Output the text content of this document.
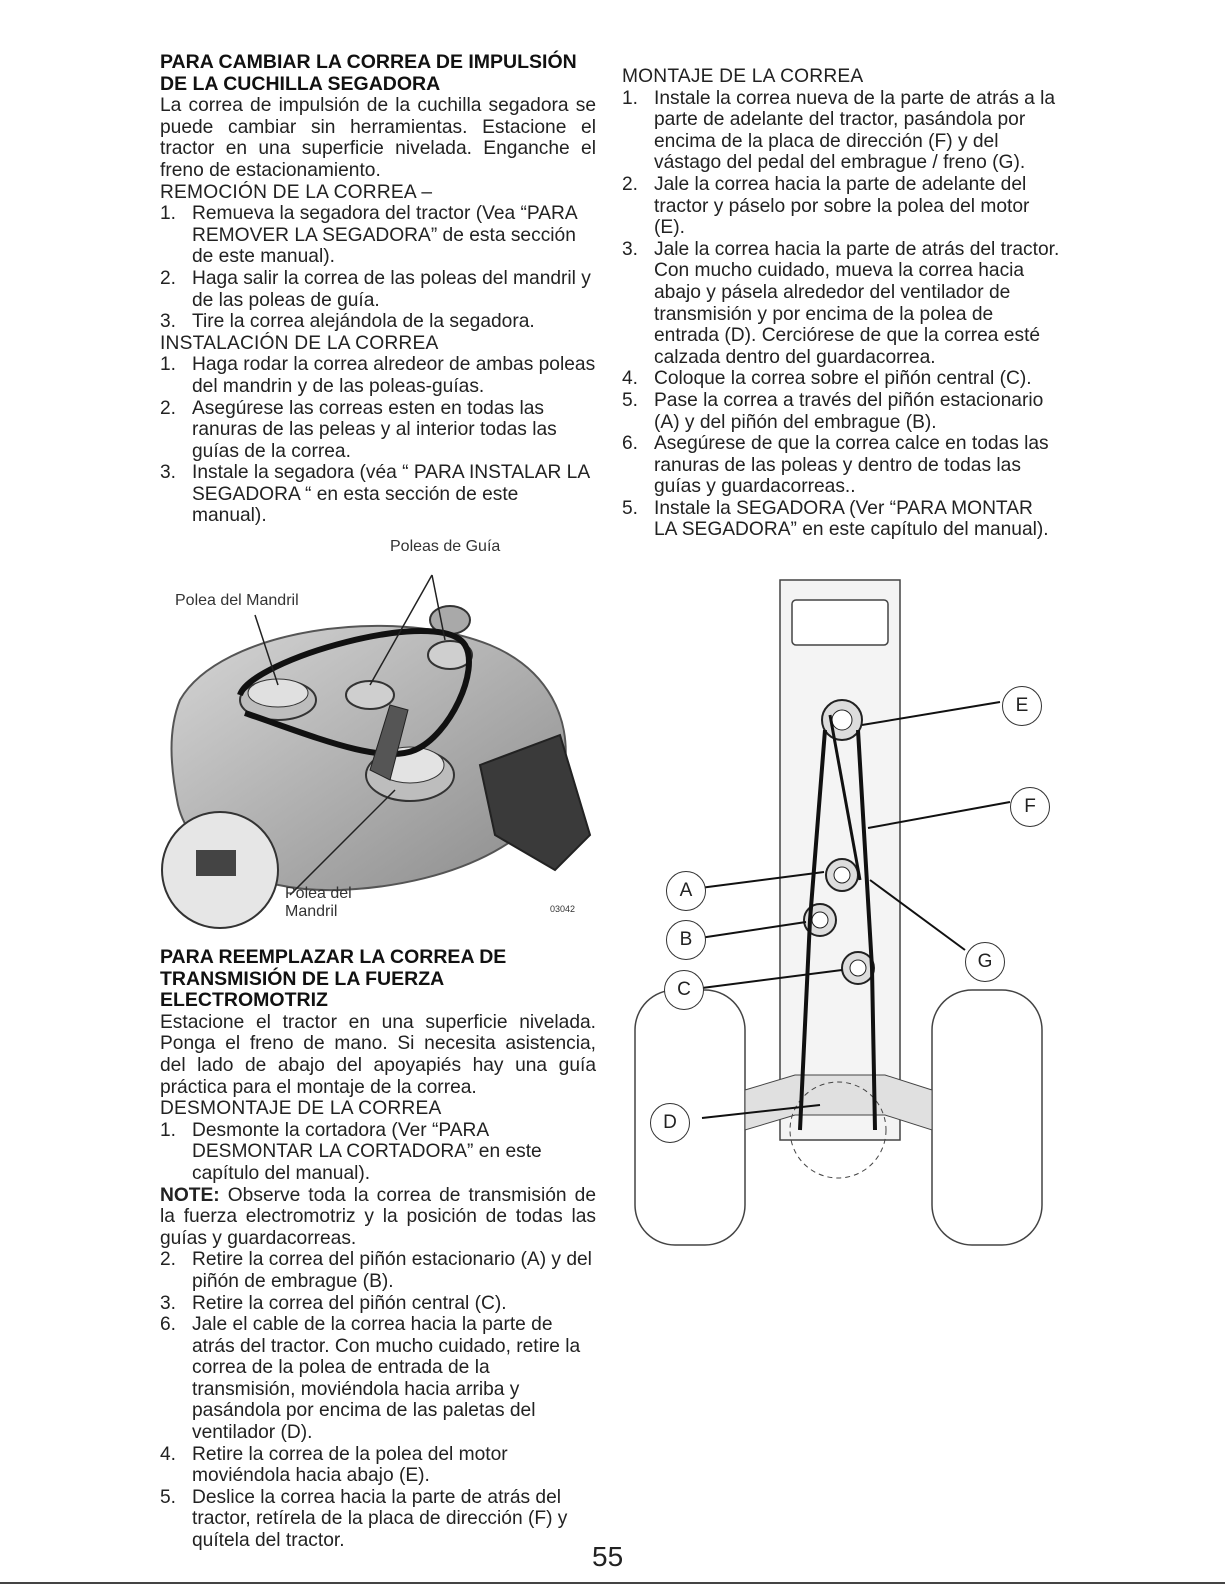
PARA CAMBIAR LA CORREA DE IMPULSIÓN DE LA CUCHILLA SEGADORA

La correa de impulsión de la cuchilla segadora se puede cambiar sin herramientas. Estacione el tractor en una superficie nivelada. Enganche el freno de estacionamiento.

REMOCIÓN DE LA CORREA –
1. Remueva la segadora del tractor (Vea “PARA REMOVER LA SEGADORA” de esta sección de este manual).
2. Haga salir la correa de las poleas del mandril y de las poleas de guía.
3. Tire la correa alejándola de la segadora.
INSTALACIÓN DE LA CORREA
1. Haga rodar la correa alredeor de ambas poleas del mandrin y de las poleas-guías.
2. Asegúrese las correas esten en todas las ranuras de las peleas y al interior todas las guías de la correa.
3. Instale la segadora (véa “ PARA INSTALAR LA SEGADORA “ en esta sección de este manual).
Poleas de Guía
Polea del Mandril
Polea del Mandril	03042
PARA REEMPLAZAR LA CORREA DE TRANSMISIÓN DE LA FUERZA ELECTROMOTRIZ

Estacione el tractor en una superficie nivelada. Ponga el freno de mano. Si necesita asistencia, del lado de abajo del apoyapiés hay una guía práctica para el montaje de la correa.

DESMONTAJE DE LA CORREA
1. Desmonte la cortadora (Ver “PARA DESMONTAR LA CORTADORA” en este capítulo del manual).

NOTE: Observe toda la correa de transmisión de la fuerza electromotriz y la posición de todas las guías y guardacorreas.

2. Retire la correa del piñón estacionario (A) y del piñón de embrague (B).
3. Retire la correa del piñón central (C).
6. Jale el cable de la correa hacia la parte de atrás del tractor. Con mucho cuidado, retire la correa de la polea de entrada de la transmisión, moviéndola hacia arriba y pasándola por encima de las paletas del ventilador (D).
4. Retire la correa de la polea del motor moviéndola hacia abajo (E).
5. Deslice la correa hacia la parte de atrás del tractor, retírela de la placa de dirección (F) y quítela del tractor.
MONTAJE DE LA CORREA
1. Instale la correa nueva de la parte de atrás a la parte de adelante del tractor, pasándola por encima de la placa de dirección (F) y del vástago del pedal del embrague / freno (G).
2. Jale la correa hacia la parte de adelante del tractor y páselo por sobre la polea del motor (E).
3. Jale la correa hacia la parte de atrás del tractor. Con mucho cuidado, mueva la correa hacia abajo y pásela alrededor del ventilador de transmisión y por encima de la polea de entrada (D). Cerciórese de que la correa esté calzada dentro del guardacorrea.
4. Coloque la correa sobre el piñón central (C).
5. Pase la correa a través del piñón estacionario (A) y del piñón del embrague (B).
6. Asegúrese de que la correa calce en todas las ranuras de las poleas y dentro de todas las guías y guardacorreas..
5. Instale la SEGADORA (Ver “PARA MONTAR LA SEGADORA” en este capítulo del manual).
E
F
G
A
B
C
D
55
